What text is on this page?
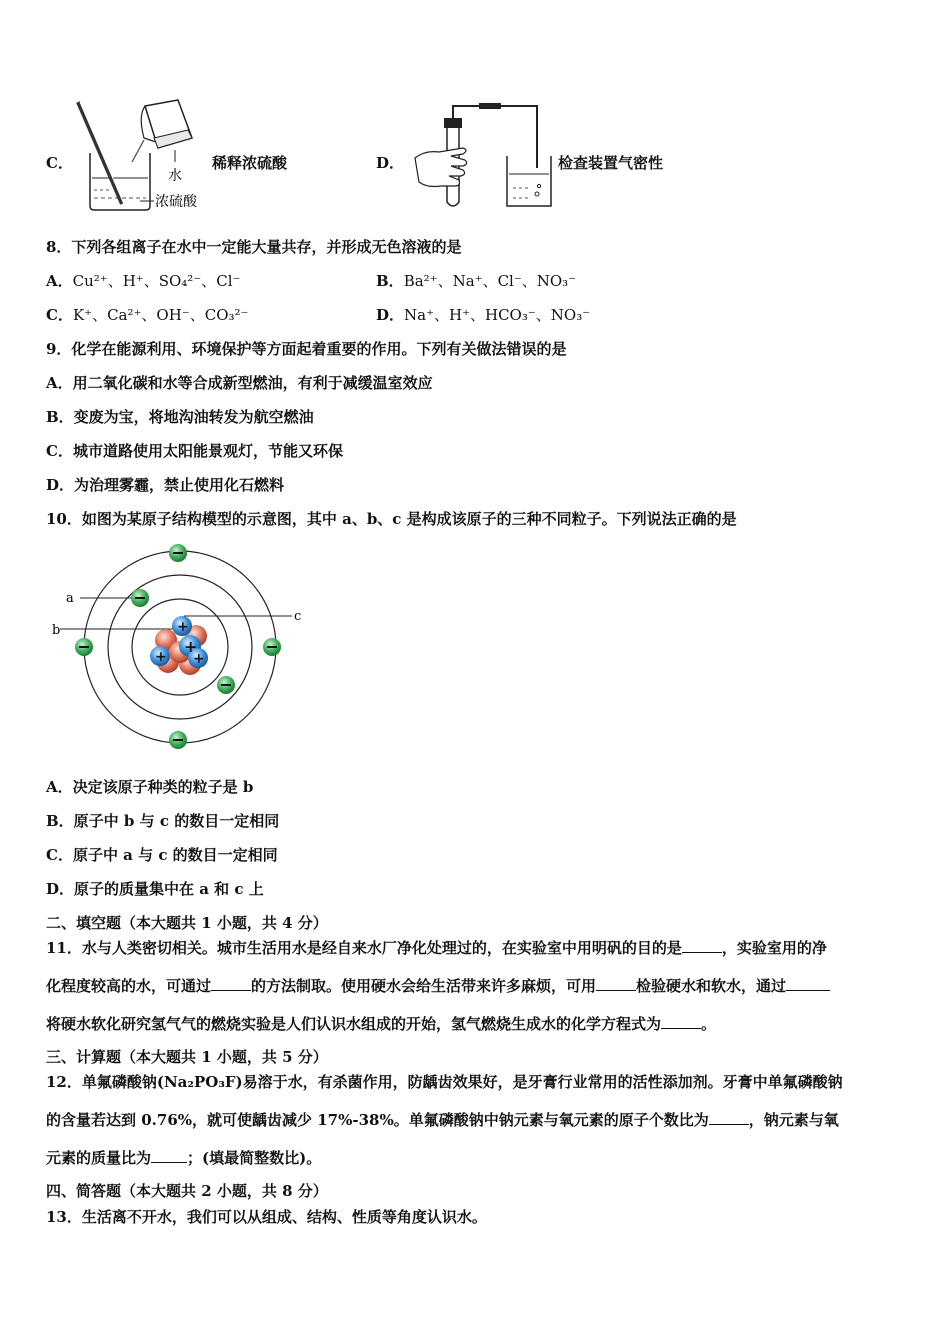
C．
水
浓硫酸
稀释浓硫酸	D．	检查装置气密性
8．下列各组离子在水中一定能大量共存，并形成无色溶液的是
A．Cu²⁺、H⁺、SO₄²⁻、Cl⁻	B．Ba²⁺、Na⁺、Cl⁻、NO₃⁻
C．K⁺、Ca²⁺、OH⁻、CO₃²⁻	D．Na⁺、H⁺、HCO₃⁻、NO₃⁻
9．化学在能源利用、环境保护等方面起着重要的作用。下列有关做法错误的是
A．用二氧化碳和水等合成新型燃油，有利于减缓温室效应
B．变废为宝，将地沟油转发为航空燃油
C．城市道路使用太阳能景观灯，节能又环保
D．为治理雾霾，禁止使用化石燃料
10．如图为某原子结构模型的示意图，其中 a、b、c 是构成该原子的三种不同粒子。下列说法正确的是
a
b
c
+
+
+
+
A．决定该原子种类的粒子是 b
B．原子中 b 与 c 的数目一定相同
C．原子中 a 与 c 的数目一定相同
D．原子的质量集中在 a 和 c 上
二、填空题（本大题共 1 小题，共 4 分）
11．水与人类密切相关。城市生活用水是经自来水厂净化处理过的，在实验室中用明矾的目的是	，实验室用的净
化程度较高的水，可通过	的方法制取。使用硬水会给生活带来许多麻烦，可用	检验硬水和软水，通过
将硬水软化研究氢气气的燃烧实验是人们认识水组成的开始，氢气燃烧生成水的化学方程式为	。
三、计算题（本大题共 1 小题，共 5 分）
12．单氟磷酸钠(Na₂PO₃F)易溶于水，有杀菌作用，防龋齿效果好，是牙膏行业常用的活性添加剂。牙膏中单氟磷酸钠
的含量若达到 0.76%，就可使龋齿减少 17%-38%。单氟磷酸钠中钠元素与氧元素的原子个数比为	，钠元素与氧
元素的质量比为 ；(填最简整数比)。
四、简答题（本大题共 2 小题，共 8 分）
13．生活离不开水，我们可以从组成、结构、性质等角度认识水。
